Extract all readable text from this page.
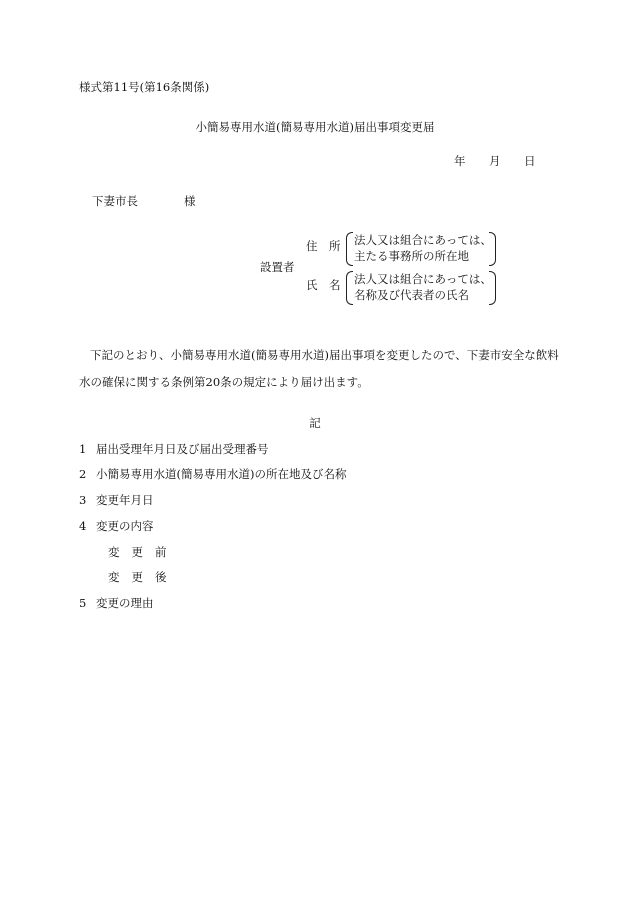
様式第11号(第16条関係)
小簡易専用水道(簡易専用水道)届出事項変更届
年 月 日
下妻市長	様
設置者
住　所
氏　名
法人又は組合にあっては、
主たる事務所の所在地
法人又は組合にあっては、
名称及び代表者の氏名
下記のとおり、小簡易専用水道(簡易専用水道)届出事項を変更したので、下妻市安全な飲料水の確保に関する条例第20条の規定により届け出ます。
記
1 届出受理年月日及び届出受理番号
2 小簡易専用水道(簡易専用水道)の所在地及び名称
3 変更年月日
4 変更の内容
変更前
変更後
5 変更の理由
